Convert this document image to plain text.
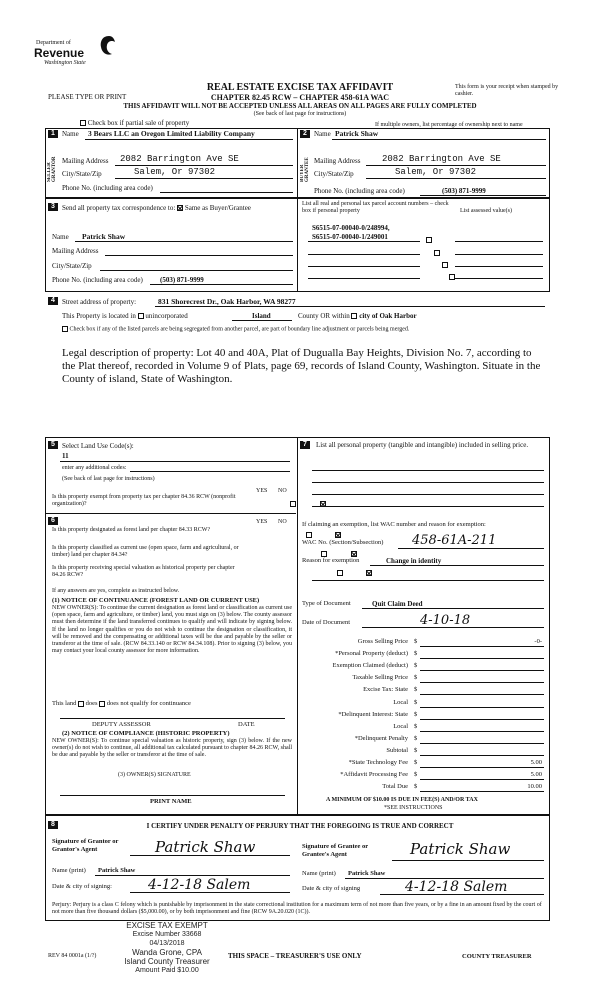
Department of
Revenue
Washington State
REAL ESTATE EXCISE TAX AFFIDAVIT
CHAPTER 82.45 RCW – CHAPTER 458-61A WAC
This form is your receipt when stamped by cashier.
PLEASE TYPE OR PRINT
THIS AFFIDAVIT WILL NOT BE ACCEPTED UNLESS ALL AREAS ON ALL PAGES ARE FULLY COMPLETED
(See back of last page for instructions)
Check box if partial sale of property	If multiple owners, list percentage of ownership next to name
1	Name 3 Bears LLC an Oregon Limited Liability Company
SELLER GRANTOR Mailing Address 2082 Barrington Ave SE
City/State/Zip	Salem, Or 97302
Phone No. (including area code)
2	Name Patrick Shaw
BUYER GRANTEE Mailing Address 2082 Barrington Ave SE
City/State/Zip	Salem, Or 97302
Phone No. (including area code)	(503) 871-9999
3	Send all property tax correspondence to: Same as Buyer/Grantee
Name Patrick Shaw
Mailing Address
City/State/Zip
Phone No. (including area code) (503) 871-9999
List all real and personal tax parcel account numbers – check box if personal property	List assessed value(s)
S6515-07-00040-0/248994,
S6515-07-00040-1/249001

4	Street address of property:	831 Shorecrest Dr., Oak Harbor, WA 98277
This Property is located in unincorporated	Island	County OR within city of Oak Harbor
Check box if any of the listed parcels are being segregated from another parcel, are part of boundary line adjustment or parcels being merged.
Legal description of property: Lot 40 and 40A, Plat of Dugualla Bay Heights, Division No. 7, according to the Plat thereof, recorded in Volume 9 of Plats, page 69, records of Island County, Washington. Situate in the County of island, State of Washington.
5	Select Land Use Code(s):
11
enter any additional codes:
(See back of last page for instructions)
YES NO
Is this property exempt from property tax per chapter 84.36 RCW (nonprofit organization)?

6	YES NO
Is this property designated as forest land per chapter 84.33 RCW?

Is this property classified as current use (open space, farm and agricultural, or timber) land per chapter 84.34?

Is this property receiving special valuation as historical property per chapter 84.26 RCW?

If any answers are yes, complete as instructed below.
(1) NOTICE OF CONTINUANCE (FOREST LAND OR CURRENT USE)
NEW OWNER(S): To continue the current designation as forest land or classification as current use (open space, farm and agriculture, or timber) land, you must sign on (3) below. The county assessor must then determine if the land transferred continues to qualify and will indicate by signing below. If the land no longer qualifies or you do not wish to continue the designation or classification, it will be removed and the compensating or additional taxes will be due and payable by the seller or transferor at the time of sale. (RCW 84.33.140 or RCW 84.34.108). Prior to signing (3) below, you may contact your local county assessor for more information.
This land does does not qualify for continuance
DEPUTY ASSESSOR	DATE
(2) NOTICE OF COMPLIANCE (HISTORIC PROPERTY)
NEW OWNER(S): To continue special valuation as historic property, sign (3) below. If the new owner(s) do not wish to continue, all additional tax calculated pursuant to chapter 84.26 RCW, shall be due and payable by the seller or transferor at the time of sale.
(3) OWNER(S) SIGNATURE
PRINT NAME
7	List all personal property (tangible and intangible) included in selling price.
If claiming an exemption, list WAC number and reason for exemption:
WAC No. (Section/Subsection) 458-61A-211
Reason for exemption	Change in identity
Type of Document	Quit Claim Deed
Date of Document	4-10-18
Gross Selling Price $	-0-
*Personal Property (deduct) $
Exemption Claimed (deduct) $
Taxable Selling Price $
Excise Tax: State $
Local $
*Delinquent Interest: State $
Local $
*Delinquent Penalty $
Subtotal $
*State Technology Fee $	5.00
*Affidavit Processing Fee $	5.00
Total Due $	10.00
A MINIMUM OF $10.00 IS DUE IN FEE(S) AND/OR TAX
*SEE INSTRUCTIONS
8	I CERTIFY UNDER PENALTY OF PERJURY THAT THE FOREGOING IS TRUE AND CORRECT
Signature of Grantor or Grantor's Agent	Patrick Shaw	Signature of Grantee or Grantee's Agent	Patrick Shaw
Name (print) Patrick Shaw	Name (print) Patrick Shaw
Date & city of signing:	4-12-18 Salem	Date & city of signing	4-12-18 Salem
Perjury: Perjury is a class C felony which is punishable by imprisonment in the state correctional institution for a maximum term of not more than five years, or by a fine in an amount fixed by the court of not more than five thousand dollars ($5,000.00), or by both imprisonment and fine (RCW 9A.20.020 (1C)).
EXCISE TAX EXEMPT
Excise Number 33668
04/13/2018
Wanda Grone, CPA
Island County Treasurer
Amount Paid $10.00
REV 84 0001a (1/?)	THIS SPACE – TREASURER'S USE ONLY	COUNTY TREASURER
